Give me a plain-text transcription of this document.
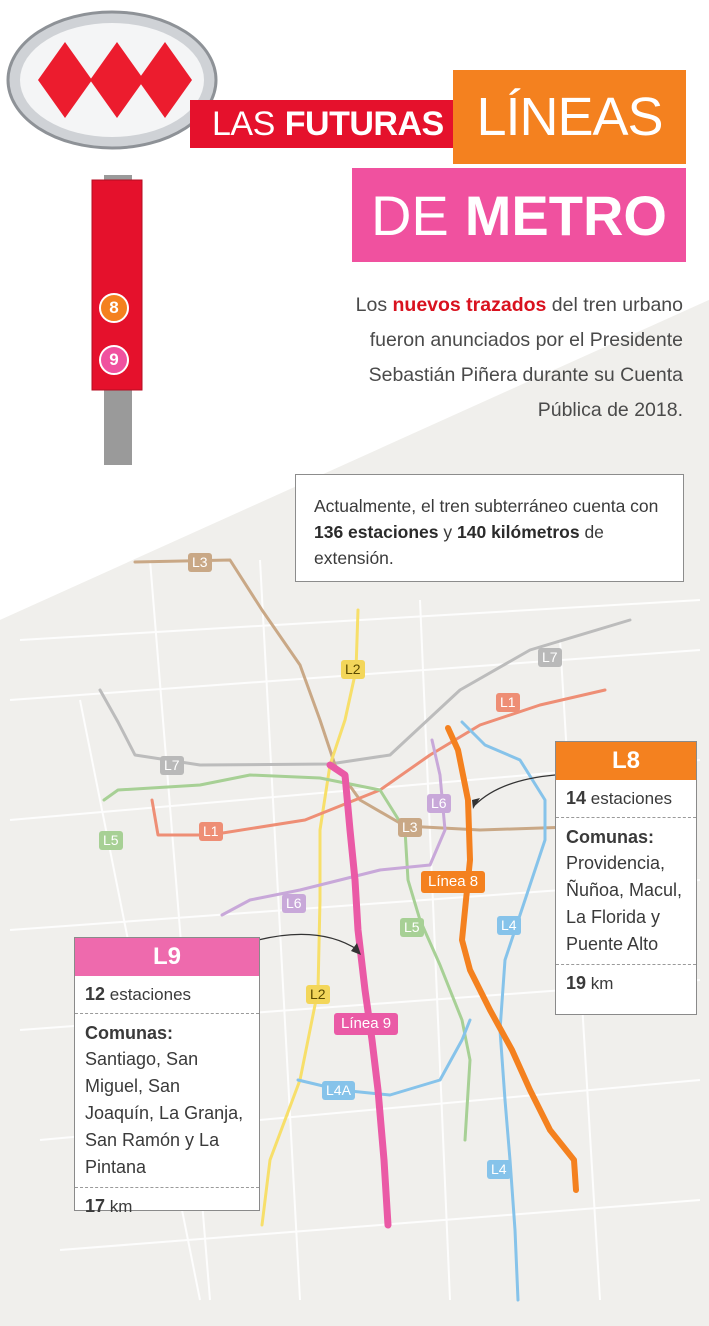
8
9
LAS FUTURAS LÍNEAS
DE METRO
Los nuevos trazados del tren urbano fueron anunciados por el Presidente Sebastián Piñera durante su Cuenta Pública de 2018.
Actualmente, el tren subterráneo cuenta con 136 estaciones y 140 kilómetros de extensión.
L3
L2
L7
L1
L7
L6
L3
L1
L5
L6
L5	L4
L2
L4A
L4
Línea 8
Línea 9
L8
14 estaciones
Comunas:
Providencia, Ñuñoa, Macul, La Florida y Puente Alto
19 km
L9
12 estaciones
Comunas:
Santiago, San Miguel, San Joaquín, La Granja, San Ramón y La Pintana
17 km
